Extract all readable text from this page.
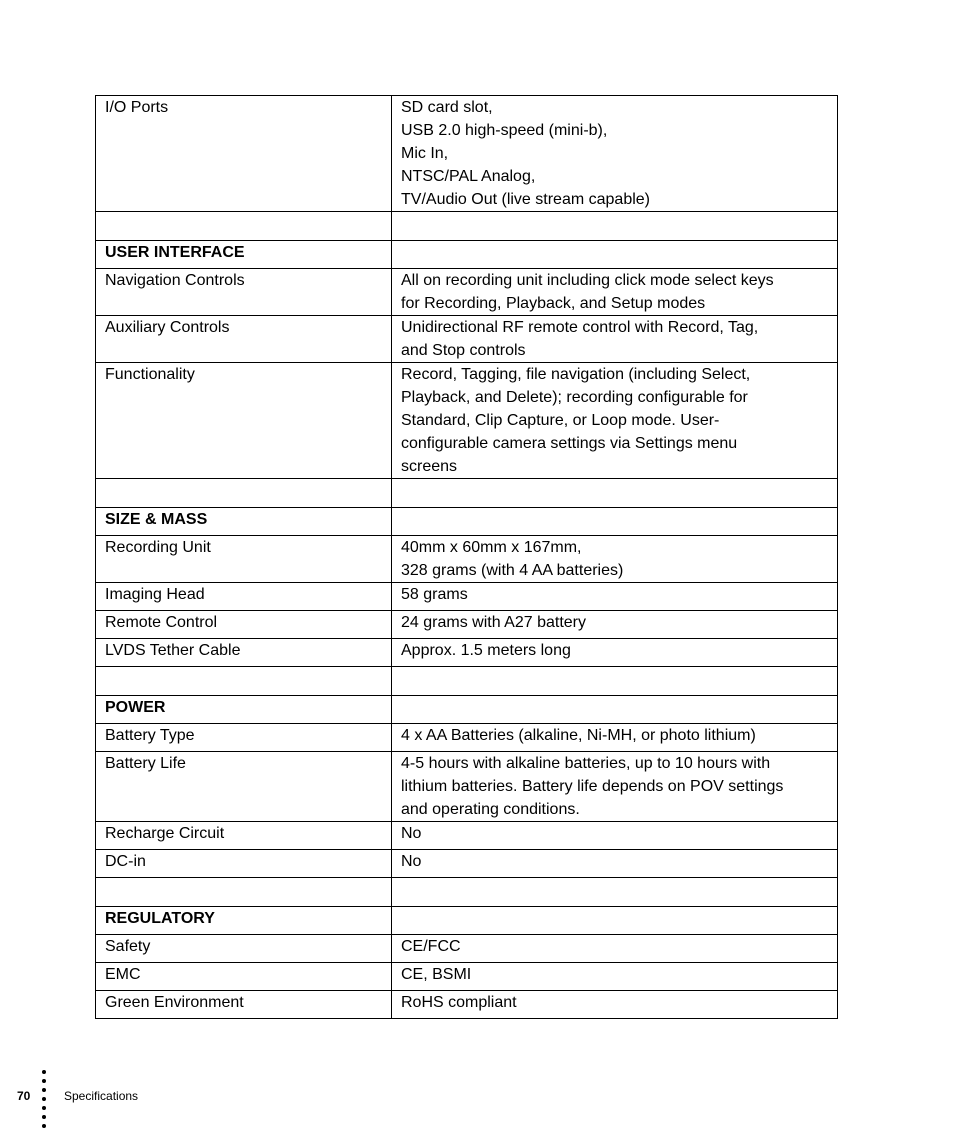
I/O Ports	SD card slot,
USB 2.0 high-speed (mini-b),
Mic In,
NTSC/PAL Analog,
TV/Audio Out (live stream capable)

USER INTERFACE	
Navigation Controls	All on recording unit including click mode select keys
for Recording, Playback, and Setup modes

Auxiliary Controls	Unidirectional RF remote control with Record, Tag,
and Stop controls

Functionality	Record, Tagging, file navigation (including Select,
Playback, and Delete); recording configurable for
Standard, Clip Capture, or Loop mode. User-
configurable camera settings via Settings menu
screens

SIZE & MASS	
Recording Unit	40mm x 60mm x 167mm,
328 grams (with 4 AA batteries)

Imaging Head	58 grams

Remote Control	24 grams with A27 battery

LVDS Tether Cable	Approx. 1.5 meters long

POWER	
Battery Type	4 x AA Batteries (alkaline, Ni-MH, or photo lithium)

Battery Life	4-5 hours with alkaline batteries, up to 10 hours with
lithium batteries. Battery life depends on POV settings
and operating conditions.

Recharge Circuit	No

DC-in	No

REGULATORY	
Safety	CE/FCC

EMC	CE, BSMI

Green Environment	RoHS compliant
70	Specifications
